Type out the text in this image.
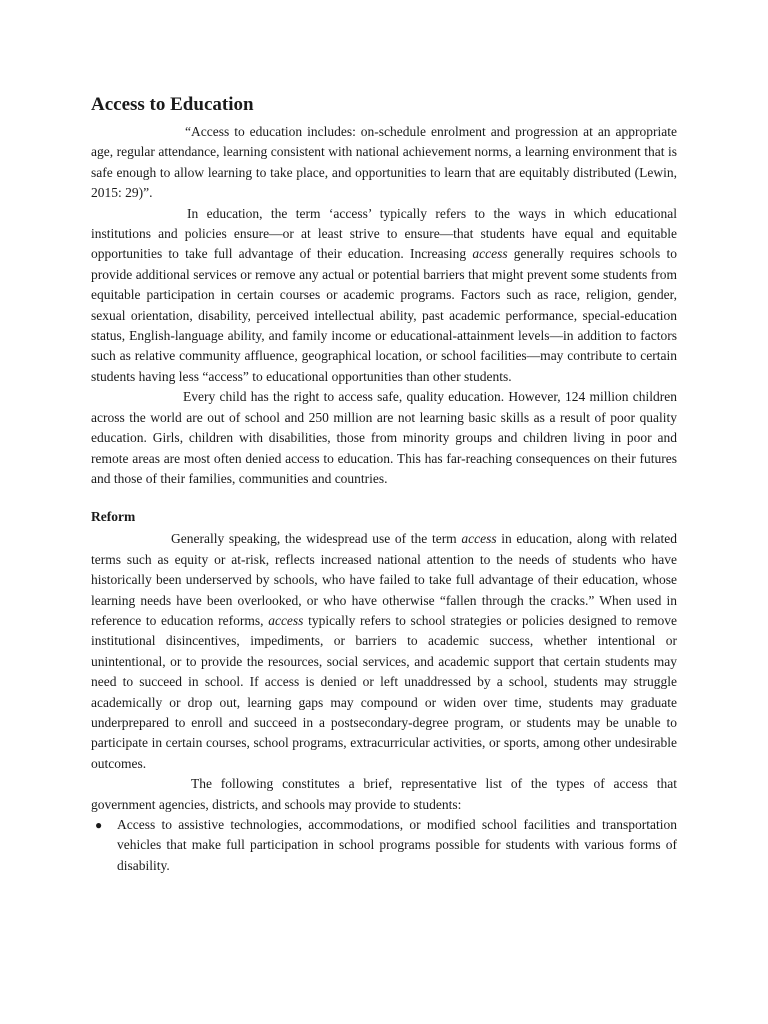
Access to Education

“Access to education includes: on-schedule enrolment and progression at an appropriate age, regular attendance, learning consistent with national achievement norms, a learning environment that is safe enough to allow learning to take place, and opportunities to learn that are equitably distributed (Lewin, 2015: 29)”.

In education, the term ‘access’ typically refers to the ways in which educational institutions and policies ensure—or at least strive to ensure—that students have equal and equitable opportunities to take full advantage of their education. Increasing access generally requires schools to provide additional services or remove any actual or potential barriers that might prevent some students from equitable participation in certain courses or academic programs. Factors such as race, religion, gender, sexual orientation, disability, perceived intellectual ability, past academic performance, special-education status, English-language ability, and family income or educational-attainment levels—in addition to factors such as relative community affluence, geographical location, or school facilities—may contribute to certain students having less “access” to educational opportunities than other students.

Every child has the right to access safe, quality education. However, 124 million children across the world are out of school and 250 million are not learning basic skills as a result of poor quality education. Girls, children with disabilities, those from minority groups and children living in poor and remote areas are most often denied access to education. This has far-reaching consequences on their futures and those of their families, communities and countries.

Reform

Generally speaking, the widespread use of the term access in education, along with related terms such as equity or at-risk, reflects increased national attention to the needs of students who have historically been underserved by schools, who have failed to take full advantage of their education, whose learning needs have been overlooked, or who have otherwise “fallen through the cracks.” When used in reference to education reforms, access typically refers to school strategies or policies designed to remove institutional disincentives, impediments, or barriers to academic success, whether intentional or unintentional, or to provide the resources, social services, and academic support that certain students may need to succeed in school. If access is denied or left unaddressed by a school, students may struggle academically or drop out, learning gaps may compound or widen over time, students may graduate underprepared to enroll and succeed in a postsecondary-degree program, or students may be unable to participate in certain courses, school programs, extracurricular activities, or sports, among other undesirable outcomes.

The following constitutes a brief, representative list of the types of access that government agencies, districts, and schools may provide to students:

● Access to assistive technologies, accommodations, or modified school facilities and transportation vehicles that make full participation in school programs possible for students with various forms of disability.
